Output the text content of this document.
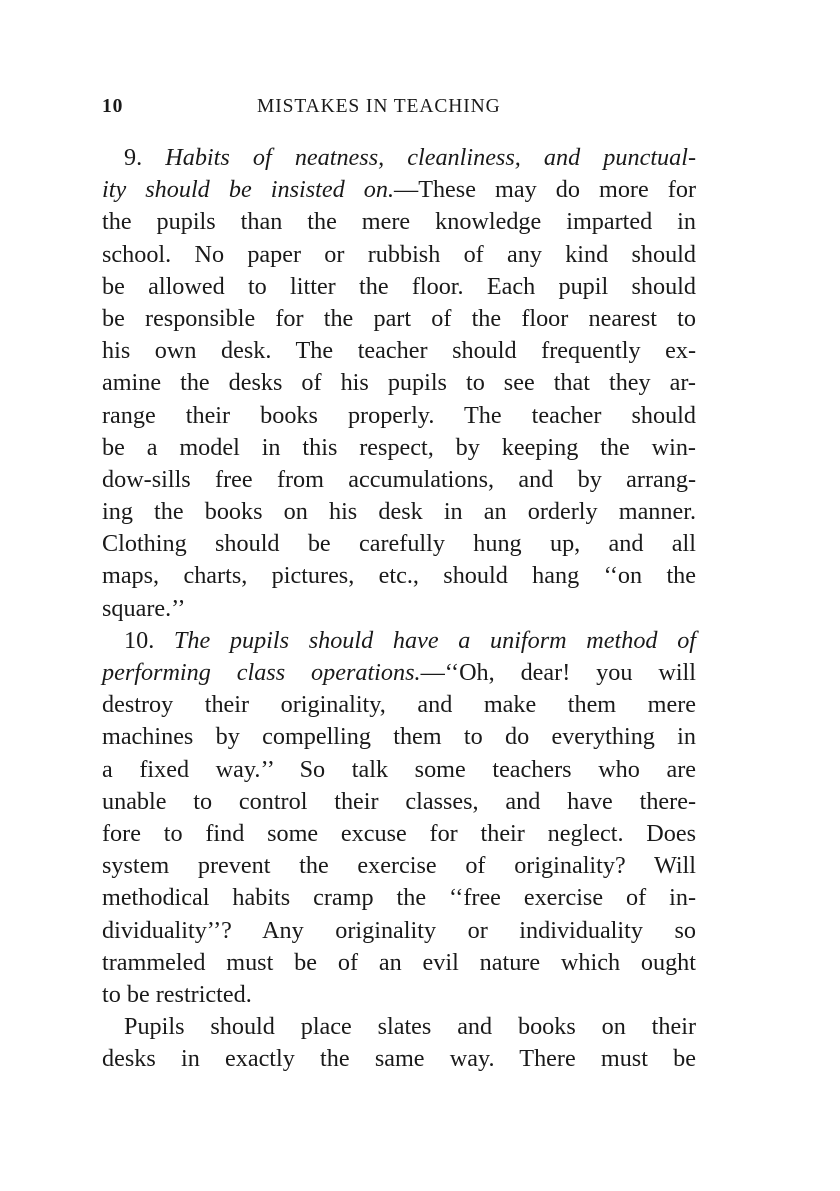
10	MISTAKES IN TEACHING
9. Habits of neatness, cleanliness, and punctual-
ity should be insisted on.—These may do more for
the pupils than the mere knowledge imparted in
school. No paper or rubbish of any kind should
be allowed to litter the floor. Each pupil should
be responsible for the part of the floor nearest to
his own desk. The teacher should frequently ex-
amine the desks of his pupils to see that they ar-
range their books properly. The teacher should
be a model in this respect, by keeping the win-
dow-sills free from accumulations, and by arrang-
ing the books on his desk in an orderly manner.
Clothing should be carefully hung up, and all
maps, charts, pictures, etc., should hang ‘‘on the
square.’’
10. The pupils should have a uniform method of
performing class operations.—‘‘Oh, dear! you will
destroy their originality, and make them mere
machines by compelling them to do everything in
a fixed way.’’ So talk some teachers who are
unable to control their classes, and have there-
fore to find some excuse for their neglect. Does
system prevent the exercise of originality? Will
methodical habits cramp the ‘‘free exercise of in-
dividuality’’? Any originality or individuality so
trammeled must be of an evil nature which ought
to be restricted.
Pupils should place slates and books on their
desks in exactly the same way. There must be
